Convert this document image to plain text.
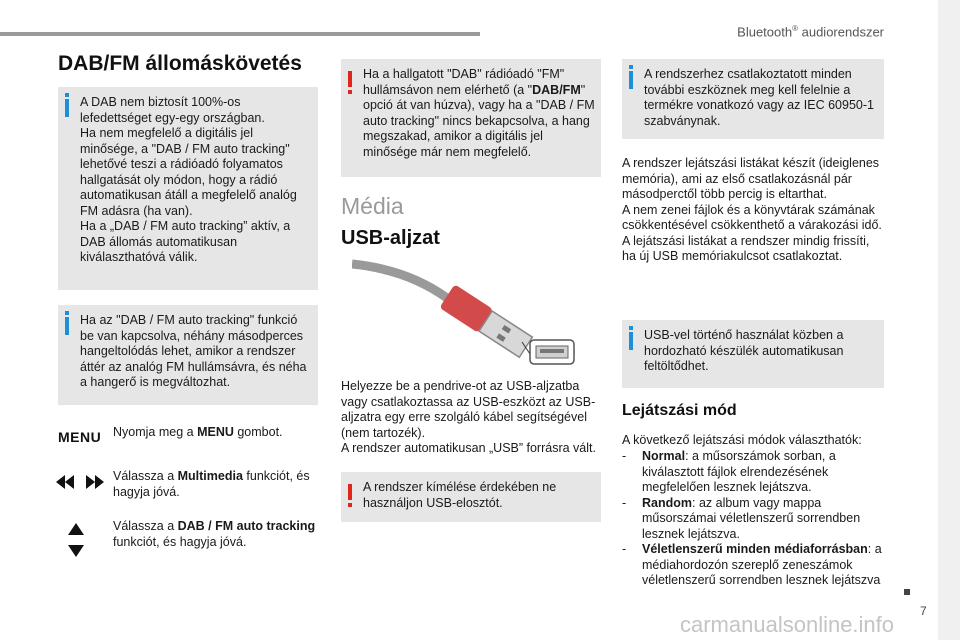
Bluetooth® audiorendszer
DAB/FM állomáskövetés

A DAB nem biztosít 100%-os lefedettséget egy-egy országban.
Ha nem megfelelő a digitális jel minősége, a "DAB / FM auto tracking" lehetővé teszi a rádióadó folyamatos hallgatását oly módon, hogy a rádió automatikusan átáll a megfelelő analóg FM adásra (ha van).
Ha a „DAB / FM auto tracking” aktív, a DAB állomás automatikusan kiválaszthatóvá válik.

Ha az "DAB / FM auto tracking" funkció be van kapcsolva, néhány másodperces hangeltolódás lehet, amikor a rendszer áttér az analóg FM hullámsávra, és néha a hangerő is megváltozhat.

MENU Nyomja meg a MENU gombot.
Válassza a Multimedia funkciót, és hagyja jóvá.
Válassza a DAB / FM auto tracking funkciót, és hagyja jóvá.

Ha a hallgatott "DAB" rádióadó "FM" hullámsávon nem elérhető (a "DAB/FM" opció át van húzva), vagy ha a "DAB / FM auto tracking" nincs bekapcsolva, a hang megszakad, amikor a digitális jel minősége már nem megfelelő.

Média
USB-aljzat
Helyezze be a pendrive-ot az USB-aljzatba vagy csatlakoztassa az USB-eszközt az USB-aljzatra egy erre szolgáló kábel segítségével (nem tartozék).
A rendszer automatikusan „USB” forrásra vált.

A rendszer kímélése érdekében ne használjon USB-elosztót.

A rendszerhez csatlakoztatott minden további eszköznek meg kell felelnie a termékre vonatkozó vagy az IEC 60950-1 szabványnak.

A rendszer lejátszási listákat készít (ideiglenes memória), ami az első csatlakozásnál pár másodperctől több percig is eltarthat.
A nem zenei fájlok és a könyvtárak számának csökkentésével csökkenthető a várakozási idő.
A lejátszási listákat a rendszer mindig frissíti, ha új USB memóriakulcsot csatlakoztat.

USB-vel történő használat közben a hordozható készülék automatikusan feltöltődhet.

Lejátszási mód
A következő lejátszási módok választhatók:
- Normal: a műsorszámok sorban, a kiválasztott fájlok elrendezésének megfelelően lesznek lejátszva.
- Random: az album vagy mappa műsorszámai véletlenszerű sorrendben lesznek lejátszva.
- Véletlenszerű minden médiaforrásban: a médiahordozón szereplő zeneszámok véletlenszerű sorrendben lesznek lejátszva
7
carmanualsonline.info
